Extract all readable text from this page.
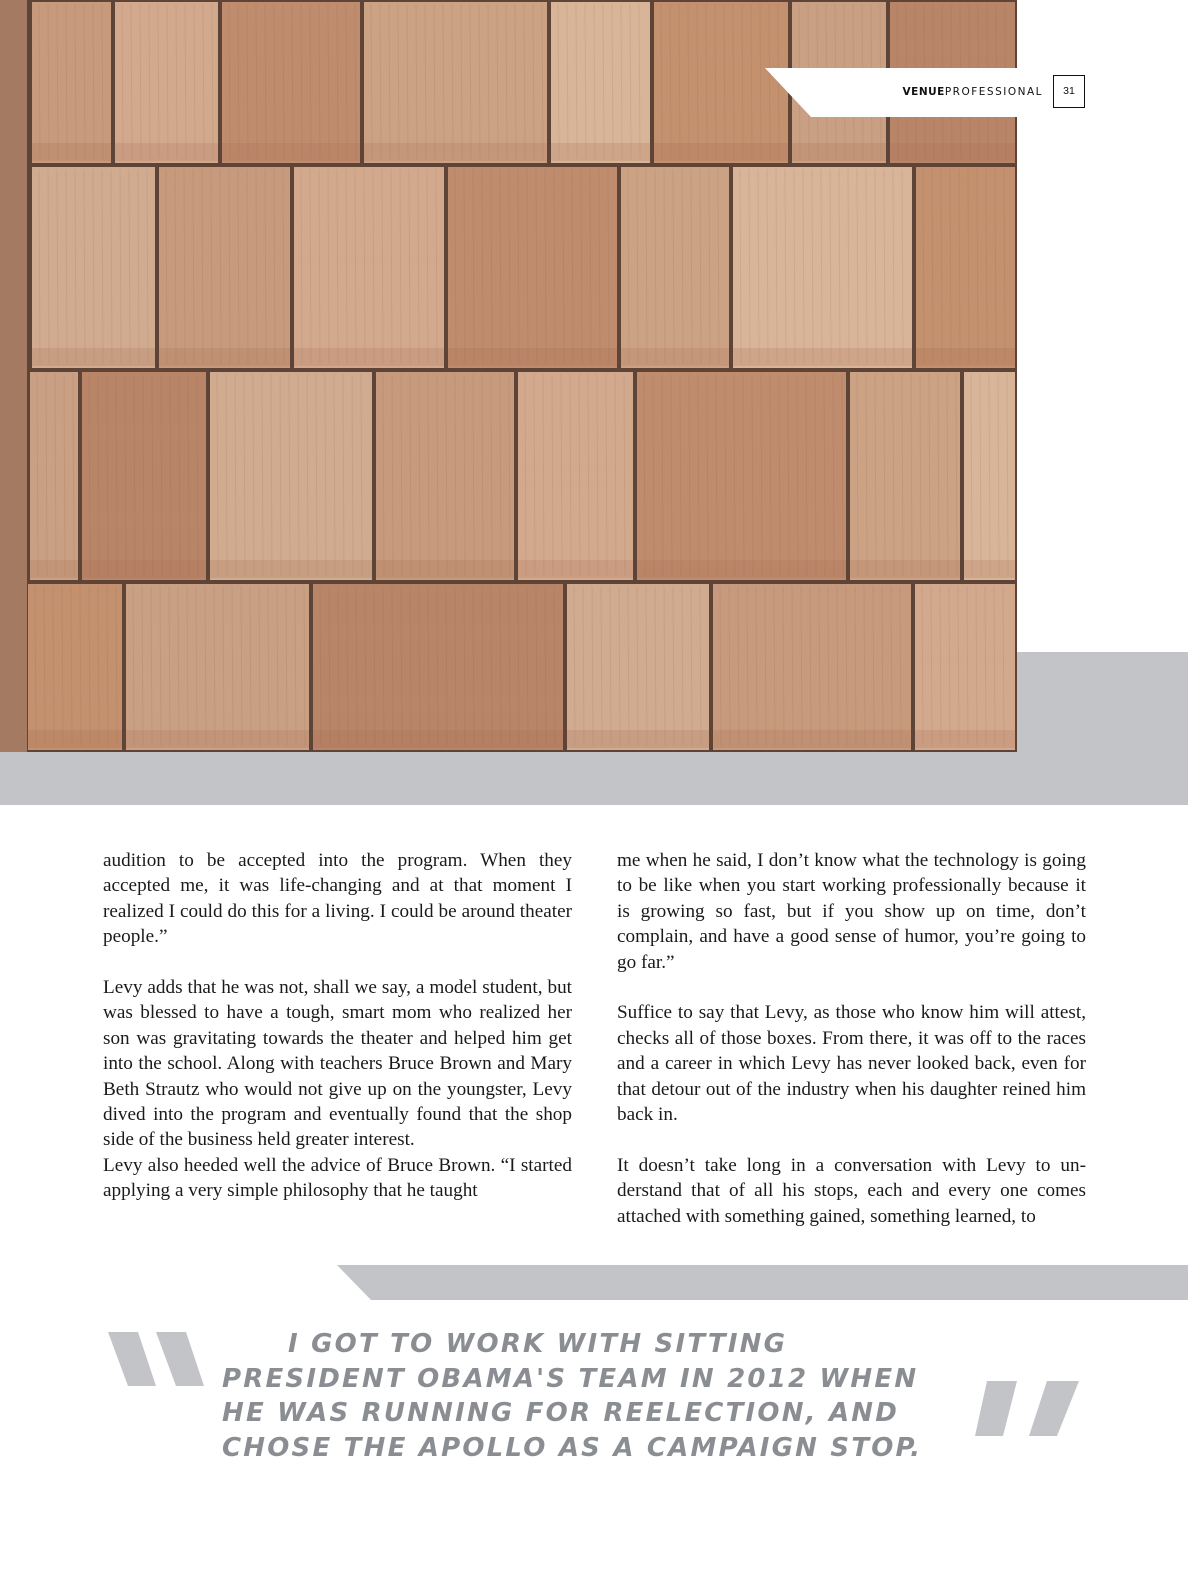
VENUEPROFESSIONAL	31

audition to be accepted into the program. When they accepted me, it was life-changing and at that moment I realized I could do this for a living. I could be around theater people.”

Levy adds that he was not, shall we say, a model student, but was blessed to have a tough, smart mom who realized her son was gravitating towards the theater and helped him get into the school. Along with teachers Bruce Brown and Mary Beth Strautz who would not give up on the youngster, Levy dived into the program and eventually found that the shop side of the business held greater interest.

Levy also heeded well the advice of Bruce Brown. “I started applying a very simple philosophy that he taught

me when he said, I don’t know what the technology is going to be like when you start working professionally because it is growing so fast, but if you show up on time, don’t complain, and have a good sense of humor, you’re going to go far.”

Suffice to say that Levy, as those who know him will attest, checks all of those boxes. From there, it was off to the races and a career in which Levy has never looked back, even for that detour out of the industry when his daughter reined him back in.

It doesn’t take long in a conversation with Levy to understand that of all his stops, each and every one comes attached with something gained, something learned, to

I GOT TO WORK WITH SITTING PRESIDENT OBAMA'S TEAM IN 2012 WHEN HE WAS RUNNING FOR REELECTION, AND CHOSE THE APOLLO AS A CAMPAIGN STOP.
